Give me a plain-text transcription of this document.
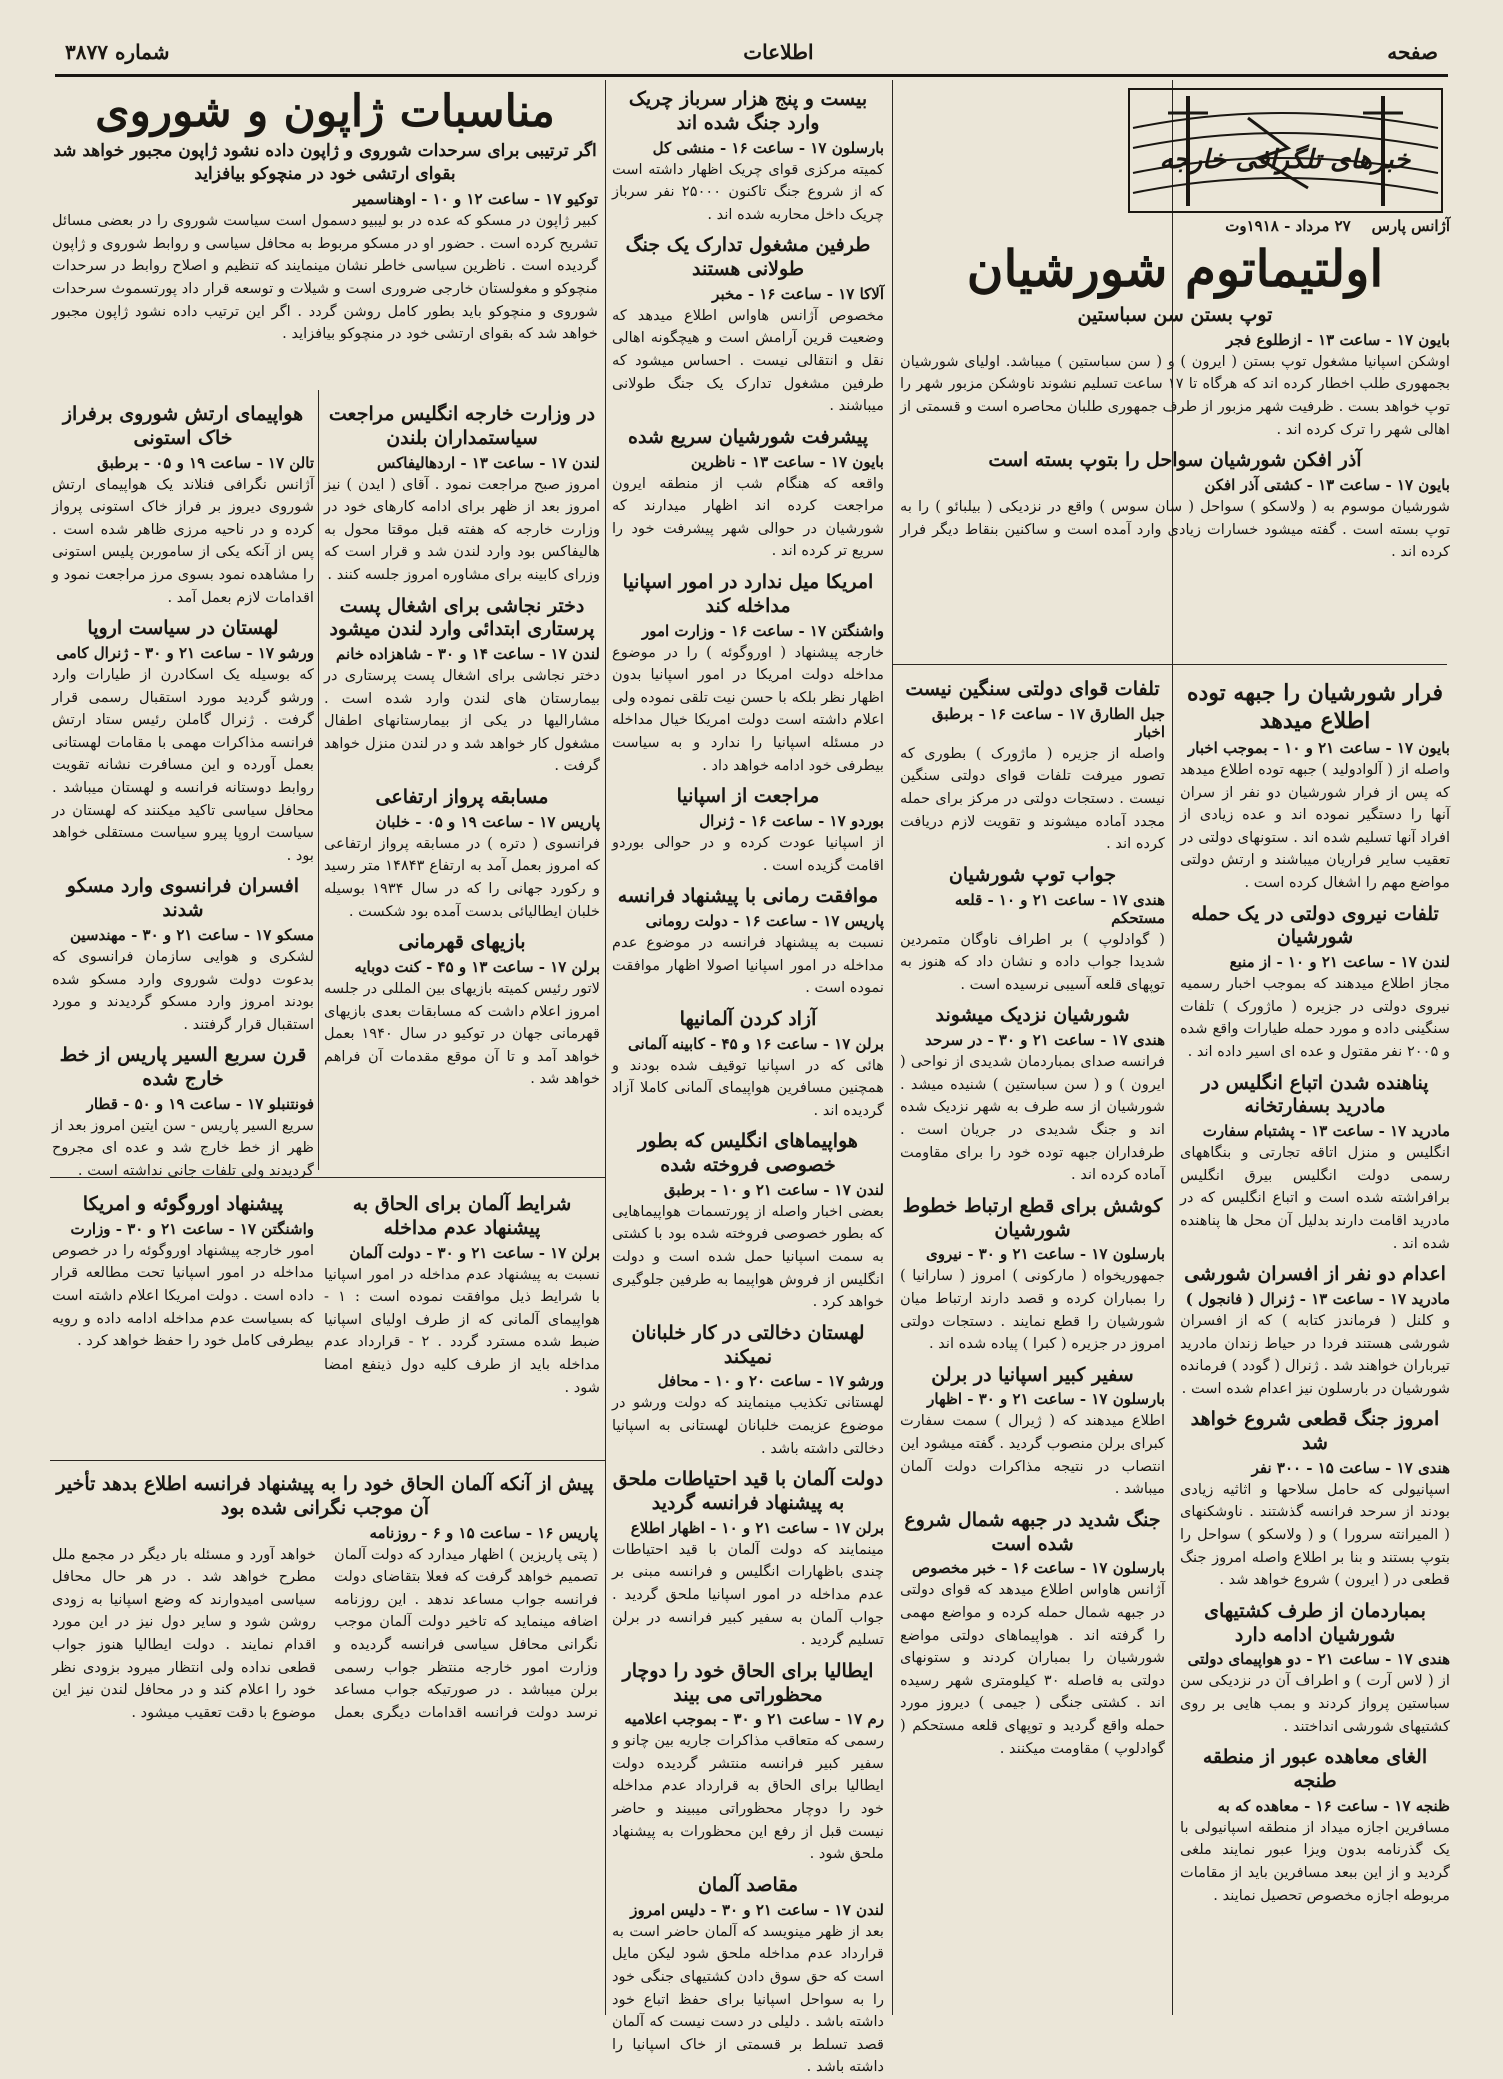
صفحه
اطلاعات
شماره ۳۸۷۷
خبرهای تلگرافی خارجه
آژانس پارس    ۲۷ مرداد - ۱۹۱۸وت
اولتیماتوم شورشیان
توپ بستن سن سباستین
بایون ۱۷ - ساعت ۱۳ - ازطلوع فجر

اوشکن اسپانیا مشغول توپ بستن ( ایرون ) و ( سن سباستین ) میباشد. اولیای شورشیان بجمهوری طلب اخطار کرده اند که هرگاه تا ۱۷ ساعت تسلیم نشوند ناوشکن مزبور شهر را توپ خواهد بست . ظرفیت شهر مزبور از طرف جمهوری طلبان محاصره است و قسمتی از اهالی شهر را ترک کرده اند .

آذر افکن شورشیان سواحل را بتوپ بسته است
بایون ۱۷ - ساعت ۱۳ - کشتی آذر افکن

شورشیان موسوم به ( ولاسکو ) سواحل ( سان سوس ) واقع در نزدیکی ( بیلبائو ) را به توپ بسته است . گفته میشود خسارات زیادی وارد آمده است و ساکنین بنقاط دیگر فرار کرده اند .

فرار شورشیان را جبهه توده اطلاع میدهد
بایون ۱۷ - ساعت ۲۱ و ۱۰ - بموجب اخبار

واصله از ( آلوادولید ) جبهه توده اطلاع میدهد که پس از فرار شورشیان دو نفر از سران آنها را دستگیر نموده اند و عده زیادی از افراد آنها تسلیم شده اند . ستونهای دولتی در تعقیب سایر فراریان میباشند و ارتش دولتی مواضع مهم را اشغال کرده است .

تلفات نیروی دولتی در یک حمله شورشیان
لندن ۱۷ - ساعت ۲۱ و ۱۰ - از منبع

مجاز اطلاع میدهند که بموجب اخبار رسمیه نیروی دولتی در جزیره ( ماژورک ) تلفات سنگینی داده و مورد حمله طیارات واقع شده و ۲۰۰۵ نفر مقتول و عده ای اسیر داده اند .

پناهنده شدن اتباع انگلیس در مادرید بسفارتخانه
مادرید ۱۷ - ساعت ۱۳ - پشتبام سفارت

انگلیس و منزل اتاقه تجارتی و بنگاههای رسمی دولت انگلیس بیرق انگلیس برافراشته شده است و اتباع انگلیس که در مادرید اقامت دارند بدلیل آن محل ها پناهنده شده اند .

اعدام دو نفر از افسران شورشی
مادرید ۱۷ - ساعت ۱۳ - ژنرال ( فانجول )

و کلنل ( فرماندز کتابه ) که از افسران شورشی هستند فردا در حیاط زندان مادرید تیرباران خواهند شد . ژنرال ( گودد ) فرمانده شورشیان در بارسلون نیز اعدام شده است .

امروز جنگ قطعی شروع خواهد شد
هندی ۱۷ - ساعت ۱۵ - ۳۰۰ نفر

اسپانیولی که حامل سلاحها و اثاثیه زیادی بودند از سرحد فرانسه گذشتند . ناوشکنهای ( المیرانته سرورا ) و ( ولاسکو ) سواحل را بتوپ بستند و بنا بر اطلاع واصله امروز جنگ قطعی در ( ایرون ) شروع خواهد شد .

بمباردمان از طرف کشتیهای شورشیان ادامه دارد
هندی ۱۷ - ساعت ۲۱ - دو هواپیمای دولتی

از ( لاس آرت ) و اطراف آن در نزدیکی سن سباستین پرواز کردند و بمب هایی بر روی کشتیهای شورشی انداختند .

الغای معاهده عبور از منطقه طنجه
ظنجه ۱۷ - ساعت ۱۶ - معاهده که به

مسافرین اجازه میداد از منطقه اسپانیولی با یک گذرنامه بدون ویزا عبور نمایند ملغی گردید و از این ببعد مسافرین باید از مقامات مربوطه اجازه مخصوص تحصیل نمایند .

تلفات قوای دولتی سنگین نیست
جبل الطارق ۱۷ - ساعت ۱۶ - برطبق اخبار

واصله از جزیره ( ماژورک ) بطوری که تصور میرفت تلفات قوای دولتی سنگین نیست . دستجات دولتی در مرکز برای حمله مجدد آماده میشوند و تقویت لازم دریافت کرده اند .

جواب توپ شورشیان
هندی ۱۷ - ساعت ۲۱ و ۱۰ - قلعه مستحکم

( گوادلوپ ) بر اطراف ناوگان متمردین شدیدا جواب داده و نشان داد که هنوز به توپهای قلعه آسیبی نرسیده است .

شورشیان نزدیک میشوند
هندی ۱۷ - ساعت ۲۱ و ۳۰ - در سرحد

فرانسه صدای بمباردمان شدیدی از نواحی ( ایرون ) و ( سن سباستین ) شنیده میشد . شورشیان از سه طرف به شهر نزدیک شده اند و جنگ شدیدی در جریان است . طرفداران جبهه توده خود را برای مقاومت آماده کرده اند .

کوشش برای قطع ارتباط خطوط شورشیان
بارسلون ۱۷ - ساعت ۲۱ و ۳۰ - نیروی

جمهوریخواه ( مارکونی ) امروز ( سارانیا ) را بمباران کرده و قصد دارند ارتباط میان شورشیان را قطع نمایند . دستجات دولتی امروز در جزیره ( کبرا ) پیاده شده اند .

سفیر کبیر اسپانیا در برلن
بارسلون ۱۷ - ساعت ۲۱ و ۳۰ - اظهار

اطلاع میدهند که ( ژیرال ) سمت سفارت کبرای برلن منصوب گردید . گفته میشود این انتصاب در نتیجه مذاکرات دولت آلمان میباشد .

جنگ شدید در جبهه شمال شروع شده است
بارسلون ۱۷ - ساعت ۱۶ - خبر مخصوص

آژانس هاواس اطلاع میدهد که قوای دولتی در جبهه شمال حمله کرده و مواضع مهمی را گرفته اند . هواپیماهای دولتی مواضع شورشیان را بمباران کردند و ستونهای دولتی به فاصله ۳۰ کیلومتری شهر رسیده اند . کشتی جنگی ( جیمی ) دیروز مورد حمله واقع گردید و توپهای قلعه مستحکم ( گوادلوپ ) مقاومت میکنند .

بیست و پنج هزار سرباز چریک وارد جنگ شده اند
بارسلون ۱۷ - ساعت ۱۶ - منشی کل

کمیته مرکزی قوای چریک اظهار داشته است که از شروع جنگ تاکنون ۲۵۰۰۰ نفر سرباز چریک داخل محاربه شده اند .

طرفین مشغول تدارک یک جنگ طولانی هستند
آلاکا ۱۷ - ساعت ۱۶ - مخبر

مخصوص آژانس هاواس اطلاع میدهد که وضعیت قرین آرامش است و هیچگونه اهالی نقل و انتقالی نیست . احساس میشود که طرفین مشغول تدارک یک جنگ طولانی میباشند .

پیشرفت شورشیان سریع شده
بایون ۱۷ - ساعت ۱۳ - ناظرین

واقعه که هنگام شب از منطقه ایرون مراجعت کرده اند اظهار میدارند که شورشیان در حوالی شهر پیشرفت خود را سریع تر کرده اند .

امریکا میل ندارد در امور اسپانیا مداخله کند
واشنگتن ۱۷ - ساعت ۱۶ - وزارت امور

خارجه پیشنهاد ( اوروگوئه ) را در موضوع مداخله دولت امریکا در امور اسپانیا بدون اظهار نظر بلکه با حسن نیت تلقی نموده ولی اعلام داشته است دولت امریکا خیال مداخله در مسئله اسپانیا را ندارد و به سیاست بیطرفی خود ادامه خواهد داد .

مراجعت از اسپانیا
بوردو ۱۷ - ساعت ۱۶ - ژنرال

از اسپانیا عودت کرده و در حوالی بوردو اقامت گزیده است .

موافقت رمانی با پیشنهاد فرانسه
پاریس ۱۷ - ساعت ۱۶ - دولت رومانی

نسبت به پیشنهاد فرانسه در موضوع عدم مداخله در امور اسپانیا اصولا اظهار موافقت نموده است .

آزاد کردن آلمانیها
برلن ۱۷ - ساعت ۱۶ و ۴۵ - کابینه آلمانی

هائی که در اسپانیا توقیف شده بودند و همچنین مسافرین هواپیمای آلمانی کاملا آزاد گردیده اند .

هواپیماهای انگلیس که بطور خصوصی فروخته شده
لندن ۱۷ - ساعت ۲۱ و ۱۰ - برطبق

بعضی اخبار واصله از پورتسمات هواپیماهایی که بطور خصوصی فروخته شده بود با کشتی به سمت اسپانیا حمل شده است و دولت انگلیس از فروش هواپیما به طرفین جلوگیری خواهد کرد .

لهستان دخالتی در کار خلبانان نمیکند
ورشو ۱۷ - ساعت ۲۰ و ۱۰ - محافل

لهستانی تکذیب مینمایند که دولت ورشو در موضوع عزیمت خلبانان لهستانی به اسپانیا دخالتی داشته باشد .

دولت آلمان با قید احتیاطات ملحق به پیشنهاد فرانسه گردید
برلن ۱۷ - ساعت ۲۱ و ۱۰ - اظهار اطلاع

مینمایند که دولت آلمان با قید احتیاطات چندی باظهارات انگلیس و فرانسه مبنی بر عدم مداخله در امور اسپانیا ملحق گردید . جواب آلمان به سفیر کبیر فرانسه در برلن تسلیم گردید .

ایطالیا برای الحاق خود را دوچار محظوراتی می بیند
رم ۱۷ - ساعت ۲۱ و ۳۰ - بموجب اعلامیه

رسمی که متعاقب مذاکرات جاریه بین چانو و سفیر کبیر فرانسه منتشر گردیده دولت ایطالیا برای الحاق به قرارداد عدم مداخله خود را دوچار محظوراتی میبیند و حاضر نیست قبل از رفع این محظورات به پیشنهاد ملحق شود .

مقاصد آلمان
لندن ۱۷ - ساعت ۲۱ و ۳۰ - دلیس امروز

بعد از ظهر مینویسد که آلمان حاضر است به قرارداد عدم مداخله ملحق شود لیکن مایل است که حق سوق دادن کشتیهای جنگی خود را به سواحل اسپانیا برای حفظ اتباع خود داشته باشد . دلیلی در دست نیست که آلمان قصد تسلط بر قسمتی از خاک اسپانیا را داشته باشد .

مناسبات ژاپون و شوروی
اگر ترتیبی برای سرحدات شوروی و ژاپون داده نشود ژاپون مجبور خواهد شد بقوای ارتشی خود در منچوکو بیافزاید
توکیو ۱۷ - ساعت ۱۲ و ۱۰ - اوهناسمیر

کبیر ژاپون در مسکو که عده در بو لیبیو دسمول است سیاست شوروی را در بعضی مسائل تشریح کرده است . حضور او در مسکو مربوط به محافل سیاسی و روابط شوروی و ژاپون گردیده است . ناظرین سیاسی خاطر نشان مینمایند که تنظیم و اصلاح روابط در سرحدات منچوکو و مغولستان خارجی ضروری است و شیلات و توسعه قرار داد پورتسموث سرحدات شوروی و منچوکو باید بطور کامل روشن گردد . اگر این ترتیب داده نشود ژاپون مجبور خواهد شد که بقوای ارتشی خود در منچوکو بیافزاید .

در وزارت خارجه انگلیس مراجعت سیاستمداران بلندن
لندن ۱۷ - ساعت ۱۳ - اردهالیفاکس

امروز صبح مراجعت نمود . آقای ( ایدن ) نیز امروز بعد از ظهر برای ادامه کارهای خود در وزارت خارجه که هفته قبل موقتا محول به هالیفاکس بود وارد لندن شد و قرار است که وزرای کابینه برای مشاوره امروز جلسه کنند .

دختر نجاشی برای اشغال پست پرستاری ابتدائی وارد لندن میشود
لندن ۱۷ - ساعت ۱۴ و ۳۰ - شاهزاده خانم

دختر نجاشی برای اشغال پست پرستاری در بیمارستان های لندن وارد شده است . مشارالیها در یکی از بیمارستانهای اطفال مشغول کار خواهد شد و در لندن منزل خواهد گرفت .

مسابقه پرواز ارتفاعی
پاریس ۱۷ - ساعت ۱۹ و ۰۵ - خلبان

فرانسوی ( دتره ) در مسابقه پرواز ارتفاعی که امروز بعمل آمد به ارتفاع ۱۴۸۴۳ متر رسید و رکورد جهانی را که در سال ۱۹۳۴ بوسیله خلبان ایطالیائی بدست آمده بود شکست .

بازیهای قهرمانی
برلن ۱۷ - ساعت ۱۳ و ۴۵ - کنت دوبایه

لاتور رئیس کمیته بازیهای بین المللی در جلسه امروز اعلام داشت که مسابقات بعدی بازیهای قهرمانی جهان در توکیو در سال ۱۹۴۰ بعمل خواهد آمد و تا آن موقع مقدمات آن فراهم خواهد شد .

هواپیمای ارتش شوروی برفراز خاک استونی
تالن ۱۷ - ساعت ۱۹ و ۰۵ - برطبق

آژانس نگرافی فنلاند یک هواپیمای ارتش شوروی دیروز بر فراز خاک استونی پرواز کرده و در ناحیه مرزی ظاهر شده است . پس از آنکه یکی از ساموربن پلیس استونی را مشاهده نمود بسوی مرز مراجعت نمود و اقدامات لازم بعمل آمد .

لهستان در سیاست اروپا
ورشو ۱۷ - ساعت ۲۱ و ۳۰ - ژنرال کامی

که بوسیله یک اسکادرن از طیارات وارد ورشو گردید مورد استقبال رسمی قرار گرفت . ژنرال گاملن رئیس ستاد ارتش فرانسه مذاکرات مهمی با مقامات لهستانی بعمل آورده و این مسافرت نشانه تقویت روابط دوستانه فرانسه و لهستان میباشد . محافل سیاسی تاکید میکنند که لهستان در سیاست اروپا پیرو سیاست مستقلی خواهد بود .

افسران فرانسوی وارد مسکو شدند
مسکو ۱۷ - ساعت ۲۱ و ۳۰ - مهندسین

لشکری و هوایی سازمان فرانسوی که بدعوت دولت شوروی وارد مسکو شده بودند امروز وارد مسکو گردیدند و مورد استقبال قرار گرفتند .

قرن سربع السیر پاریس از خط خارج شده
فونتنبلو ۱۷ - ساعت ۱۹ و ۵۰ - قطار

سریع السیر پاریس - سن ایتین امروز بعد از ظهر از خط خارج شد و عده ای مجروح گردیدند ولی تلفات جانی نداشته است .

شرایط آلمان برای الحاق به پیشنهاد عدم مداخله
برلن ۱۷ - ساعت ۲۱ و ۳۰ - دولت آلمان

نسبت به پیشنهاد عدم مداخله در امور اسپانیا با شرایط ذیل موافقت نموده است : ۱ - هواپیمای آلمانی که از طرف اولیای اسپانیا ضبط شده مسترد گردد . ۲ - قرارداد عدم مداخله باید از طرف کلیه دول ذینفع امضا شود .

پیشنهاد اوروگوئه و امریکا
واشنگتن ۱۷ - ساعت ۲۱ و ۳۰ - وزارت

امور خارجه پیشنهاد اوروگوئه را در خصوص مداخله در امور اسپانیا تحت مطالعه قرار داده است . دولت امریکا اعلام داشته است که بسیاست عدم مداخله ادامه داده و رویه بیطرفی کامل خود را حفظ خواهد کرد .

پیش از آنکه آلمان الحاق خود را به پیشنهاد فرانسه اطلاع بدهد تأخیر آن موجب نگرانی شده بود
پاریس ۱۶ - ساعت ۱۵ و ۶ - روزنامه

( پتی پاریزین ) اظهار میدارد که دولت آلمان تصمیم خواهد گرفت که فعلا بتقاضای دولت فرانسه جواب مساعد ندهد . این روزنامه اضافه مینماید که تاخیر دولت آلمان موجب نگرانی محافل سیاسی فرانسه گردیده و وزارت امور خارجه منتظر جواب رسمی برلن میباشد . در صورتیکه جواب مساعد نرسد دولت فرانسه اقدامات دیگری بعمل خواهد آورد و مسئله بار دیگر در مجمع ملل مطرح خواهد شد . در هر حال محافل سیاسی امیدوارند که وضع اسپانیا به زودی روشن شود و سایر دول نیز در این مورد اقدام نمایند . دولت ایطالیا هنوز جواب قطعی نداده ولی انتظار میرود بزودی نظر خود را اعلام کند و در محافل لندن نیز این موضوع با دقت تعقیب میشود .
